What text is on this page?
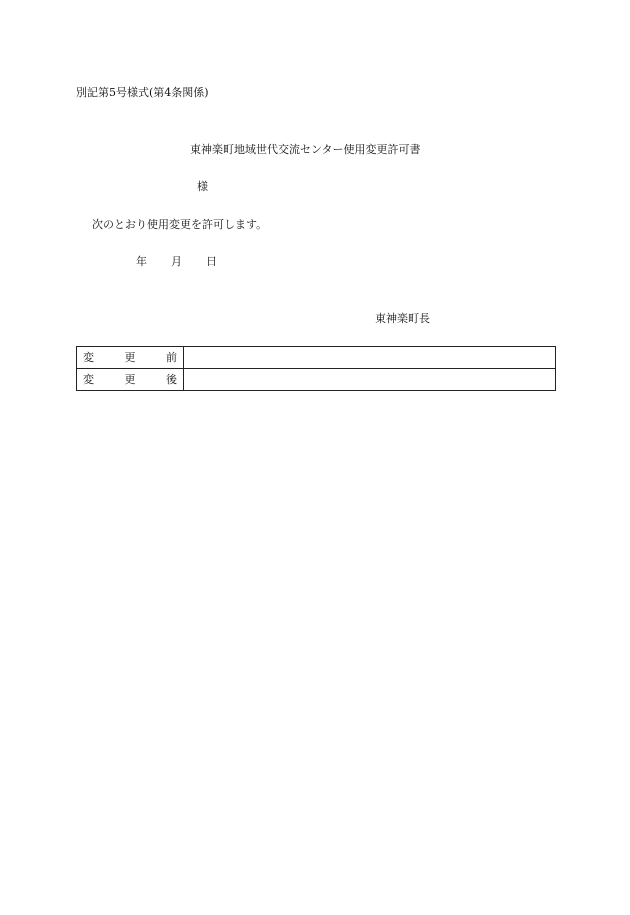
別記第5号様式(第4条関係)
東神楽町地域世代交流センター使用変更許可書
様
次のとおり使用変更を許可します。
年 月 日
東神楽町長
変 更 前	

変 更 後	
